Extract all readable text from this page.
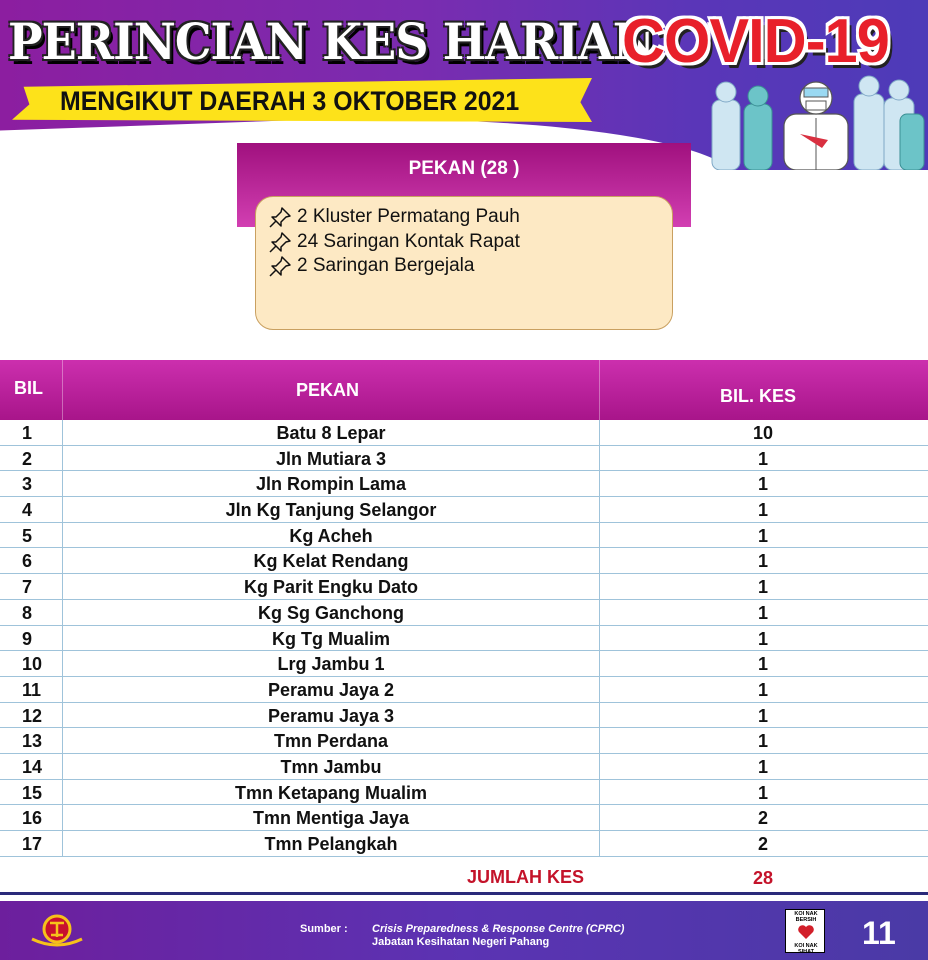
PERINCIAN KES HARIAN
COVID-19
MENGIKUT DAERAH 3 OKTOBER 2021
PEKAN (28 )
2 Kluster Permatang Pauh
24 Saringan Kontak Rapat
2 Saringan Bergejala
BIL	PEKAN	BIL. KES
1	Batu 8 Lepar	10
2	Jln Mutiara 3	1
3	Jln Rompin Lama	1
4	Jln Kg Tanjung Selangor	1
5	Kg Acheh	1
6	Kg Kelat Rendang	1
7	Kg Parit Engku Dato	1
8	Kg Sg Ganchong	1
9	Kg Tg Mualim	1
10	Lrg Jambu 1	1
11	Peramu Jaya 2	1
12	Peramu Jaya 3	1
13	Tmn Perdana	1
14	Tmn Jambu	1
15	Tmn Ketapang Mualim	1
16	Tmn Mentiga Jaya	2
17	Tmn Pelangkah	2
JUMLAH KES	28
Sumber : Crisis Preparedness & Response Centre (CPRC)
Jabatan Kesihatan Negeri Pahang
KOI NAK BERSIH
KOI NAK SIHAT
11
